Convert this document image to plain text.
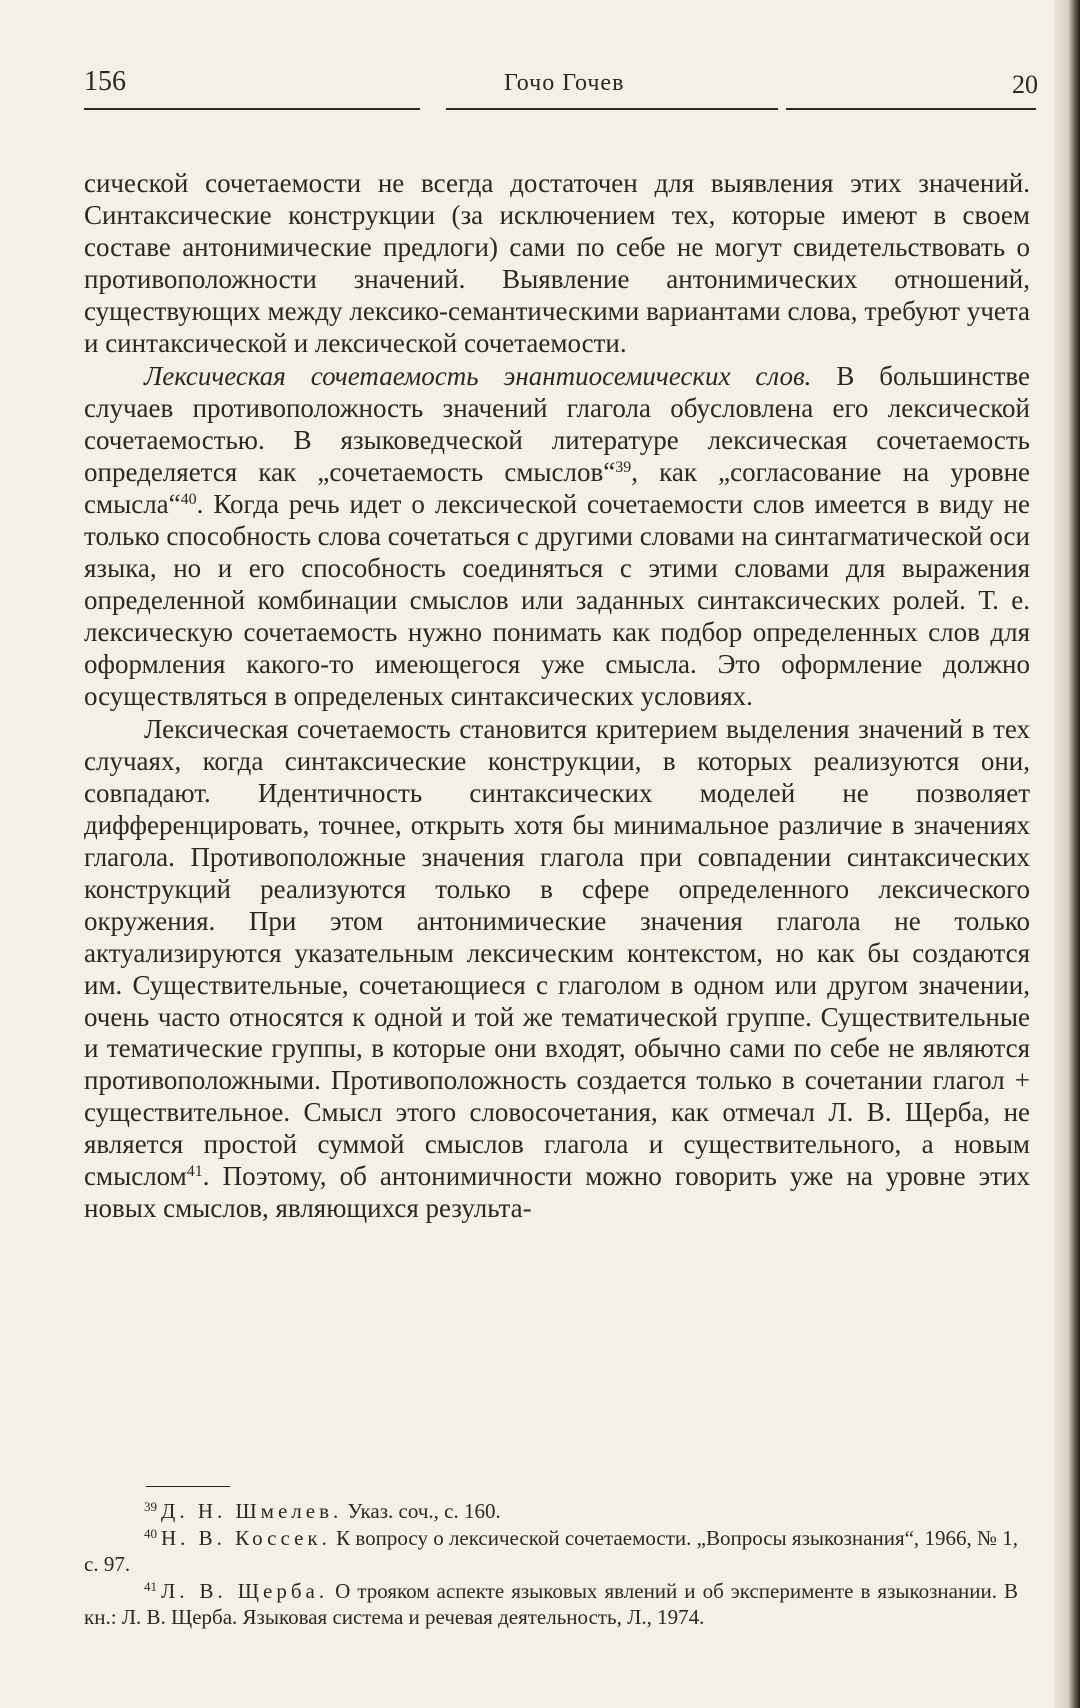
156	Гочо Гочев	20

сической сочетаемости не всегда достаточен для выявления этих значений. Синтаксические конструкции (за исключением тех, которые имеют в своем составе антонимические предлоги) сами по себе не могут свидетельствовать о противоположности значений. Выявление антонимических отношений, существующих между лексико-семантическими вариантами слова, требуют учета и синтаксической и лексической сочетаемости.

Лексическая сочетаемость энантиосемических слов. В большинстве случаев противоположность значений глагола обусловлена его лексической сочетаемостью. В языковедческой литературе лексическая сочетаемость определяется как „сочетаемость смыслов“$^{39}$, как „согласование на уровне смысла“$^{40}$. Когда речь идет о лексической сочетаемости слов имеется в виду не только способность слова сочетаться с другими словами на синтагматической оси языка, но и его способность соединяться с этими словами для выражения определенной комбинации смыслов или заданных синтаксических ролей. Т. е. лексическую сочетаемость нужно понимать как подбор определенных слов для оформления какого-то имеющегося уже смысла. Это оформление должно осуществляться в определеных синтаксических условиях.

Лексическая сочетаемость становится критерием выделения значений в тех случаях, когда синтаксические конструкции, в которых реализуются они, совпадают. Идентичность синтаксических моделей не позволяет дифференцировать, точнее, открыть хотя бы минимальное различие в значениях глагола. Противоположные значения глагола при совпадении синтаксических конструкций реализуются только в сфере определенного лексического окружения. При этом антонимические значения глагола не только актуализируются указательным лексическим контекстом, но как бы создаются им. Существительные, сочетающиеся с глаголом в одном или другом значении, очень часто относятся к одной и той же тематической группе. Существительные и тематические группы, в которые они входят, обычно сами по себе не являются противоположными. Противоположность создается только в сочетании глагол + существительное. Смысл этого словосочетания, как отмечал Л. В. Щерба, не является простой суммой смыслов глагола и существительного, а новым смыслом$^{41}$. Поэтому, об антонимичности можно говорить уже на уровне этих новых смыслов, являющихся результа-

$^{39}$ Д. Н. Шмелев. Указ. соч., с. 160.

$^{40}$ Н. В. Коссек. К вопросу о лексической сочетаемости. „Вопросы языкознания“, 1966, № 1, с. 97.

$^{41}$ Л. В. Щерба. О трояком аспекте языковых явлений и об эксперименте в языкознании. В кн.: Л. В. Щерба. Языковая система и речевая деятельность, Л., 1974.
